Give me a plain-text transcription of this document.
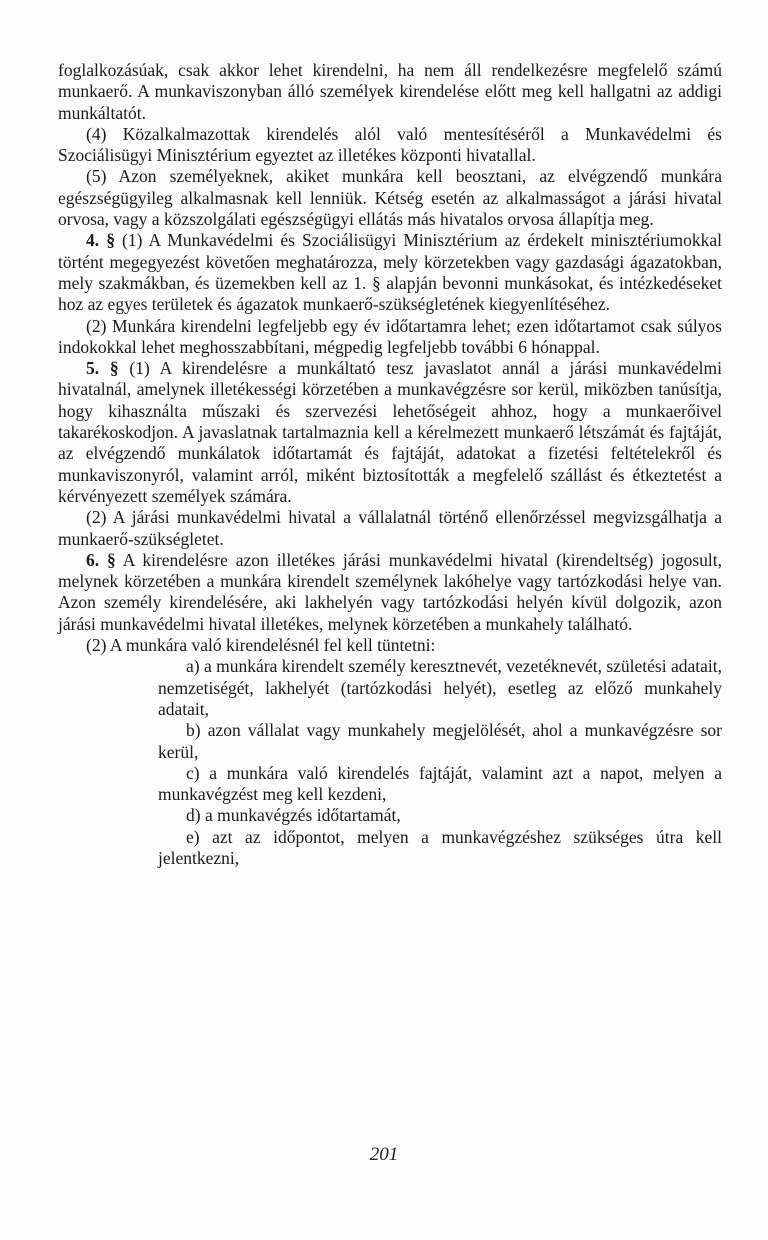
foglalkozásúak, csak akkor lehet kirendelni, ha nem áll rendelkezésre megfelelő számú munkaerő. A munkaviszonyban álló személyek kirendelése előtt meg kell hallgatni az addigi munkáltatót.

(4) Közalkalmazottak kirendelés alól való mentesítéséről a Munkavédelmi és Szociálisügyi Minisztérium egyeztet az illetékes központi hivatallal.

(5) Azon személyeknek, akiket munkára kell beosztani, az elvégzendő munkára egészségügyileg alkalmasnak kell lenniük. Kétség esetén az alkalmasságot a járási hivatal orvosa, vagy a közszolgálati egészségügyi ellátás más hivatalos orvosa állapítja meg.

4. § (1) A Munkavédelmi és Szociálisügyi Minisztérium az érdekelt minisztériumokkal történt megegyezést követően meghatározza, mely körzetekben vagy gazdasági ágazatokban, mely szakmákban, és üzemekben kell az 1. § alapján bevonni munkásokat, és intézkedéseket hoz az egyes területek és ágazatok munkaerő-szükségletének kiegyenlítéséhez.

(2) Munkára kirendelni legfeljebb egy év időtartamra lehet; ezen időtartamot csak súlyos indokokkal lehet meghosszabbítani, mégpedig legfeljebb további 6 hónappal.

5. § (1) A kirendelésre a munkáltató tesz javaslatot annál a járási munkavédelmi hivatalnál, amelynek illetékességi körzetében a munkavégzésre sor kerül, miközben tanúsítja, hogy kihasználta műszaki és szervezési lehetőségeit ahhoz, hogy a munkaerőivel takarékoskodjon. A javaslatnak tartalmaznia kell a kérelmezett munkaerő létszámát és fajtáját, az elvégzendő munkálatok időtartamát és fajtáját, adatokat a fizetési feltételekről és munkaviszonyról, valamint arról, miként biztosították a megfelelő szállást és étkeztetést a kérvényezett személyek számára.

(2) A járási munkavédelmi hivatal a vállalatnál történő ellenőrzéssel megvizsgálhatja a munkaerő-szükségletet.

6. § A kirendelésre azon illetékes járási munkavédelmi hivatal (kirendeltség) jogosult, melynek körzetében a munkára kirendelt személynek lakóhelye vagy tartózkodási helye van. Azon személy kirendelésére, aki lakhelyén vagy tartózkodási helyén kívül dolgozik, azon járási munkavédelmi hivatal illetékes, melynek körzetében a munkahely található.

(2) A munkára való kirendelésnél fel kell tüntetni:

a) a munkára kirendelt személy keresztnevét, vezetéknevét, születési adatait, nemzetiségét, lakhelyét (tartózkodási helyét), esetleg az előző munkahely adatait,

b) azon vállalat vagy munkahely megjelölését, ahol a munkavégzésre sor kerül,

c) a munkára való kirendelés fajtáját, valamint azt a napot, melyen a munkavégzést meg kell kezdeni,

d) a munkavégzés időtartamát,

e) azt az időpontot, melyen a munkavégzéshez szükséges útra kell jelentkezni,

201
